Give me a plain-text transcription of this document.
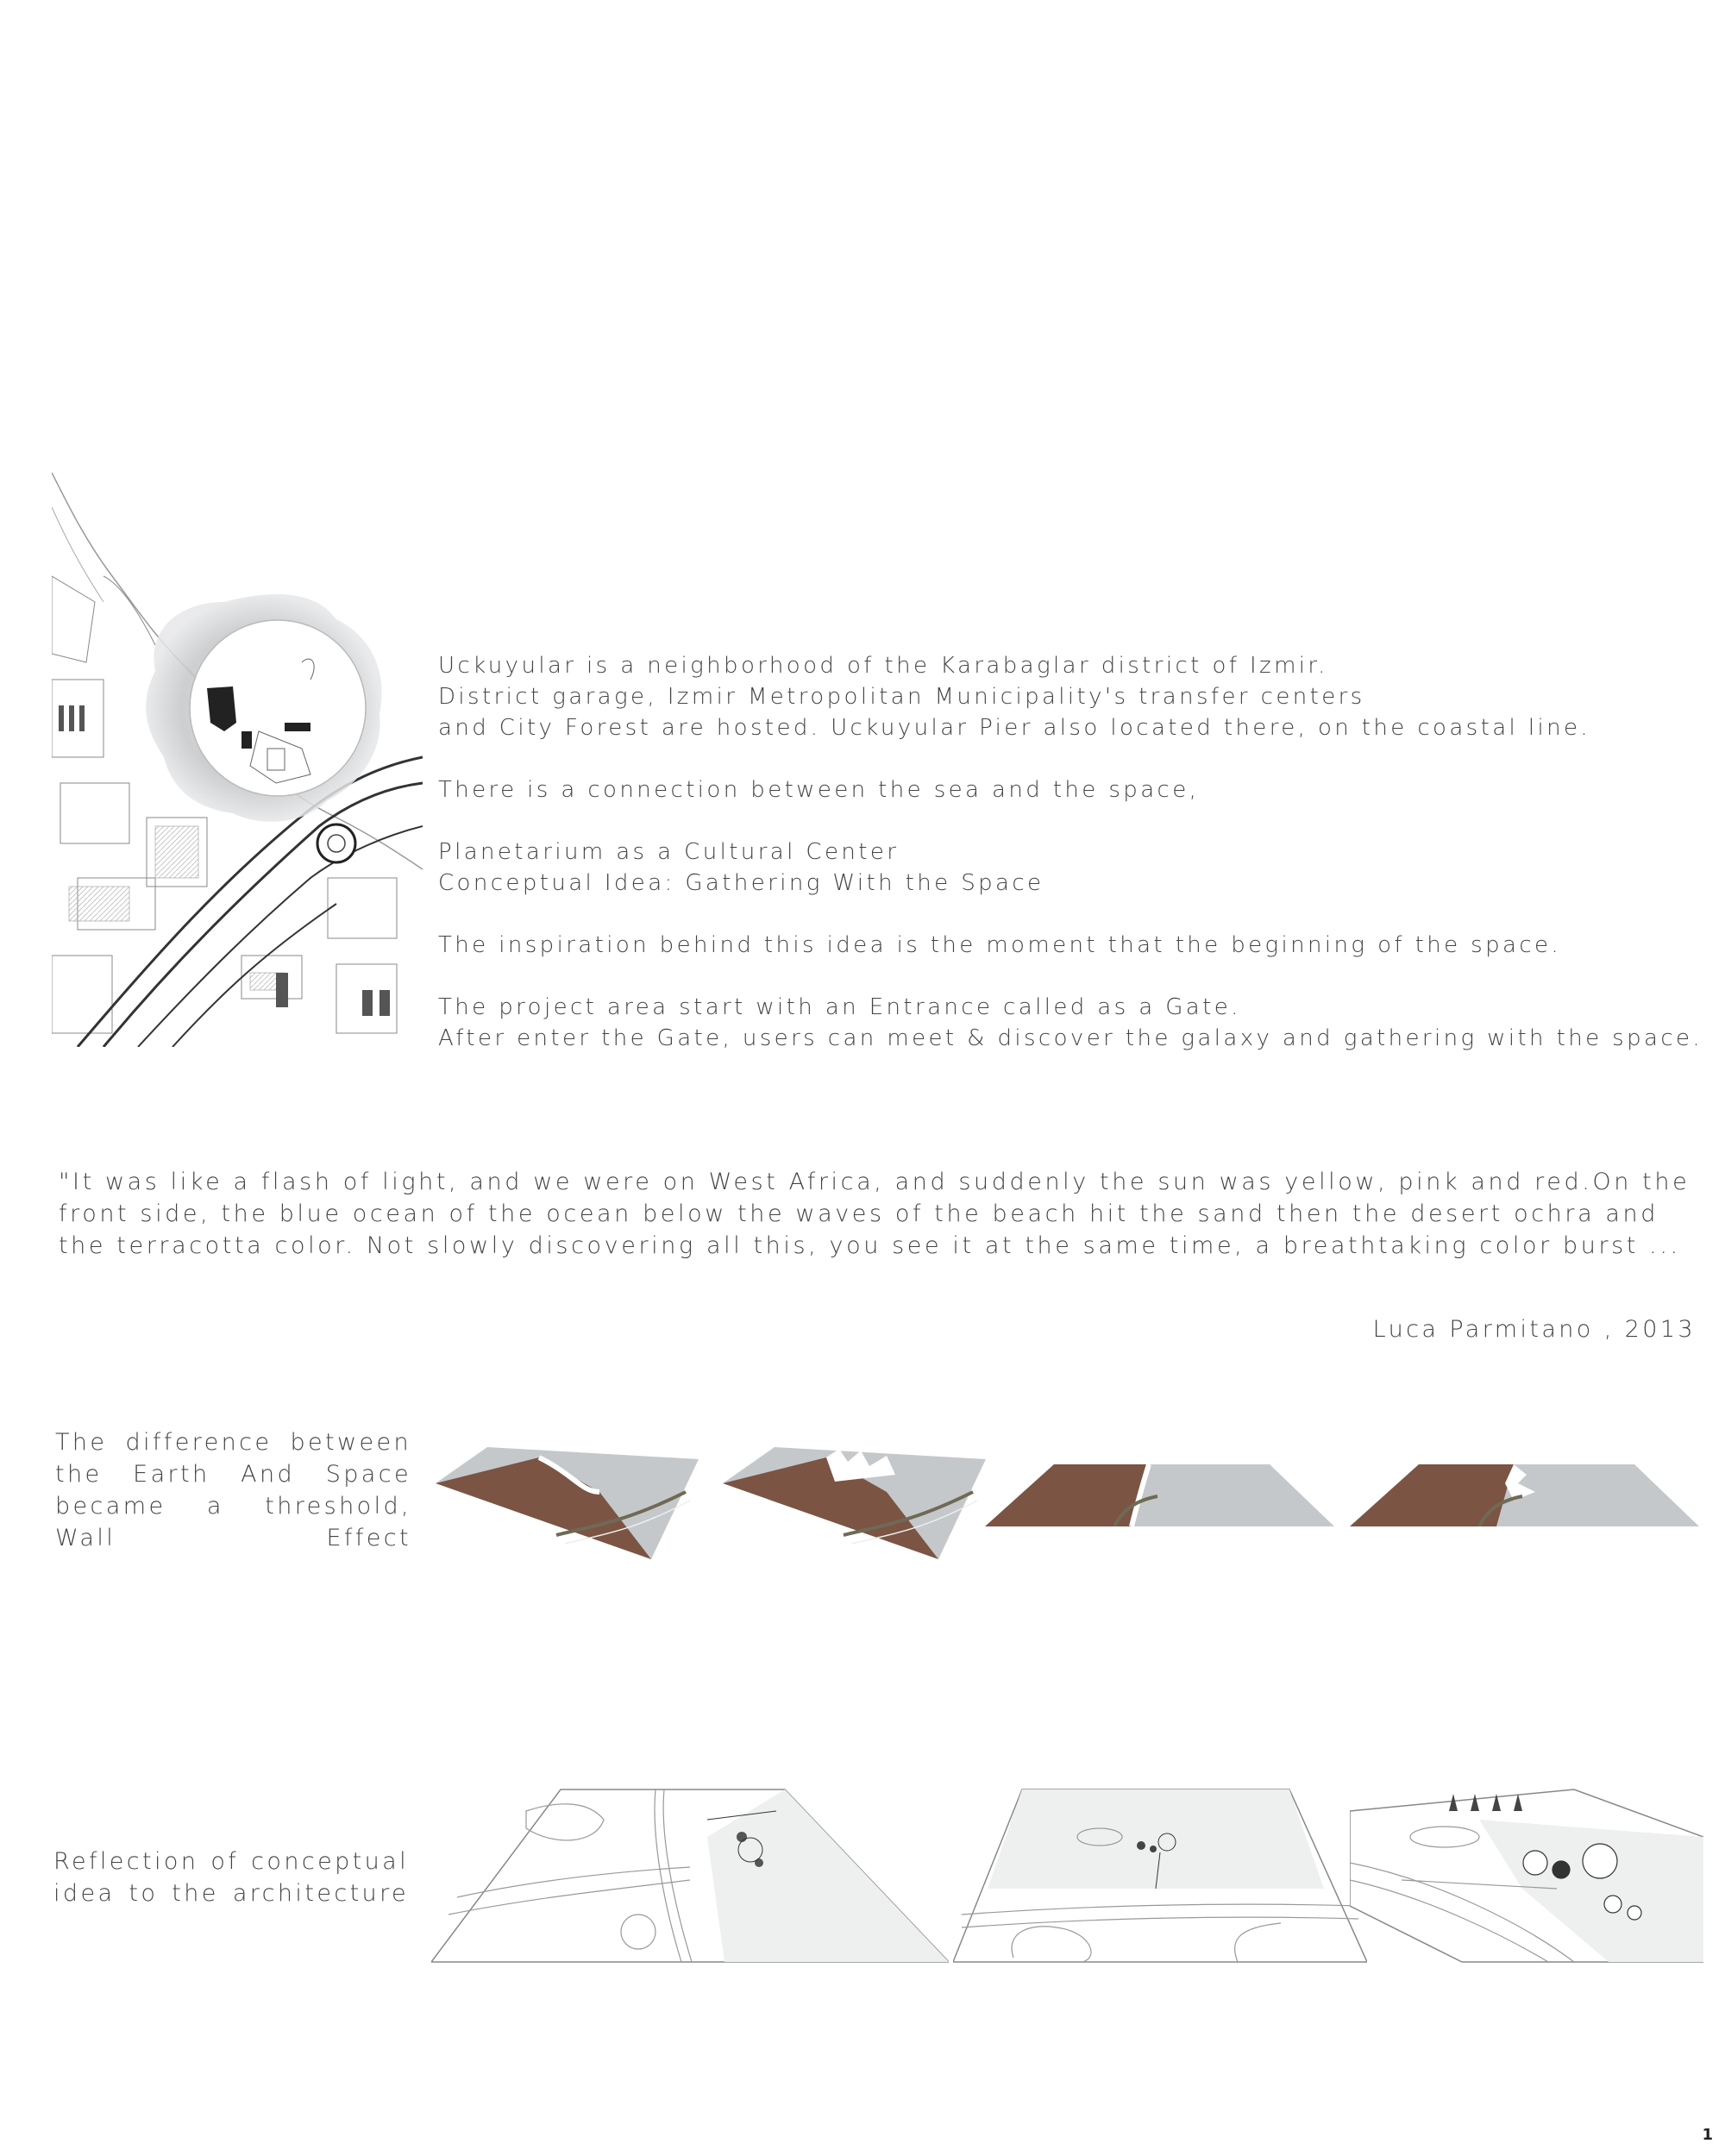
Uckuyular is a neighborhood of the Karabaglar district of Izmir.

District garage, Izmir Metropolitan Municipality's transfer centers

and City Forest are hosted. Uckuyular Pier also located there, on the coastal line.

There is a connection between the sea and the space,

Planetarium as a Cultural Center

Conceptual Idea: Gathering With the Space

The inspiration behind this idea is the moment that the beginning of the space.

The project area start with an Entrance called as a Gate.

After enter the Gate, users can meet & discover the galaxy and gathering with the space.

"It was like a flash of light, and we were on West Africa, and suddenly the sun was yellow, pink and red.On the

front side, the blue ocean of the ocean below the waves of the beach hit the sand then the desert ochra and

the terracotta color. Not slowly discovering all this, you see it at the same time, a breathtaking color burst ...

Luca Parmitano , 2013
The difference between
the Earth And Space
became a threshold,
Wall Effect
Reflection of conceptual
idea to the architecture
1
